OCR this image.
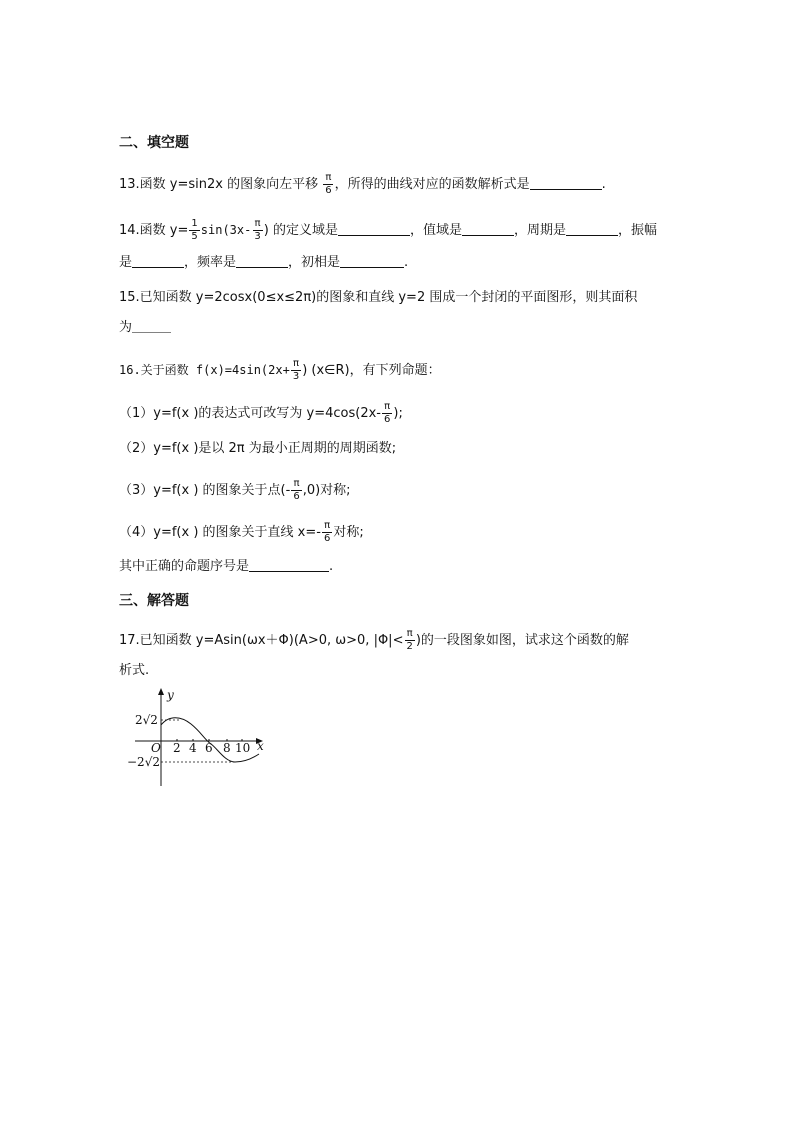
二、填空题
13.函数 y=sin2x 的图象向左平移 $\frac{\pi}{6}$ ，所得的曲线对应的函数解析式是	.
14.函数 $y= \frac{1}{5} \sin(3x- \frac{\pi}{3}$ ) 的定义域是	，值域是	，周期是	，振幅
是	，频率是	，初相是	.
15.已知函数 y=2cosx(0≤x≤2π)的图象和直线 y=2 围成一个封闭的平面图形，则其面积
为＿＿＿
16.关于函数 $f(x)=4\sin(2x+ \frac{\pi}{3}$ ) (x∈R)，有下列命题：
（1）y=f(x )的表达式可改写为 $y=4\cos(2x- \frac{\pi}{6}$ );
（2）y=f(x )是以 2π 为最小正周期的周期函数;
（3）y=f(x ) 的图象关于点(- $\frac{\pi}{6} ,0$)对称;
（4）y=f(x ) 的图象关于直线 $x=- \frac{\pi}{6}$ 对称;
其中正确的命题序号是	.
三、解答题
17.已知函数 y=Asin(ωx＋Φ)(A>0, ω>0, $|\Phi|< \frac{\pi}{2}$ )的一段图象如图，试求这个函数的解
析式.
y
x
O
2√2
−2√2
2 4 6 8 10
